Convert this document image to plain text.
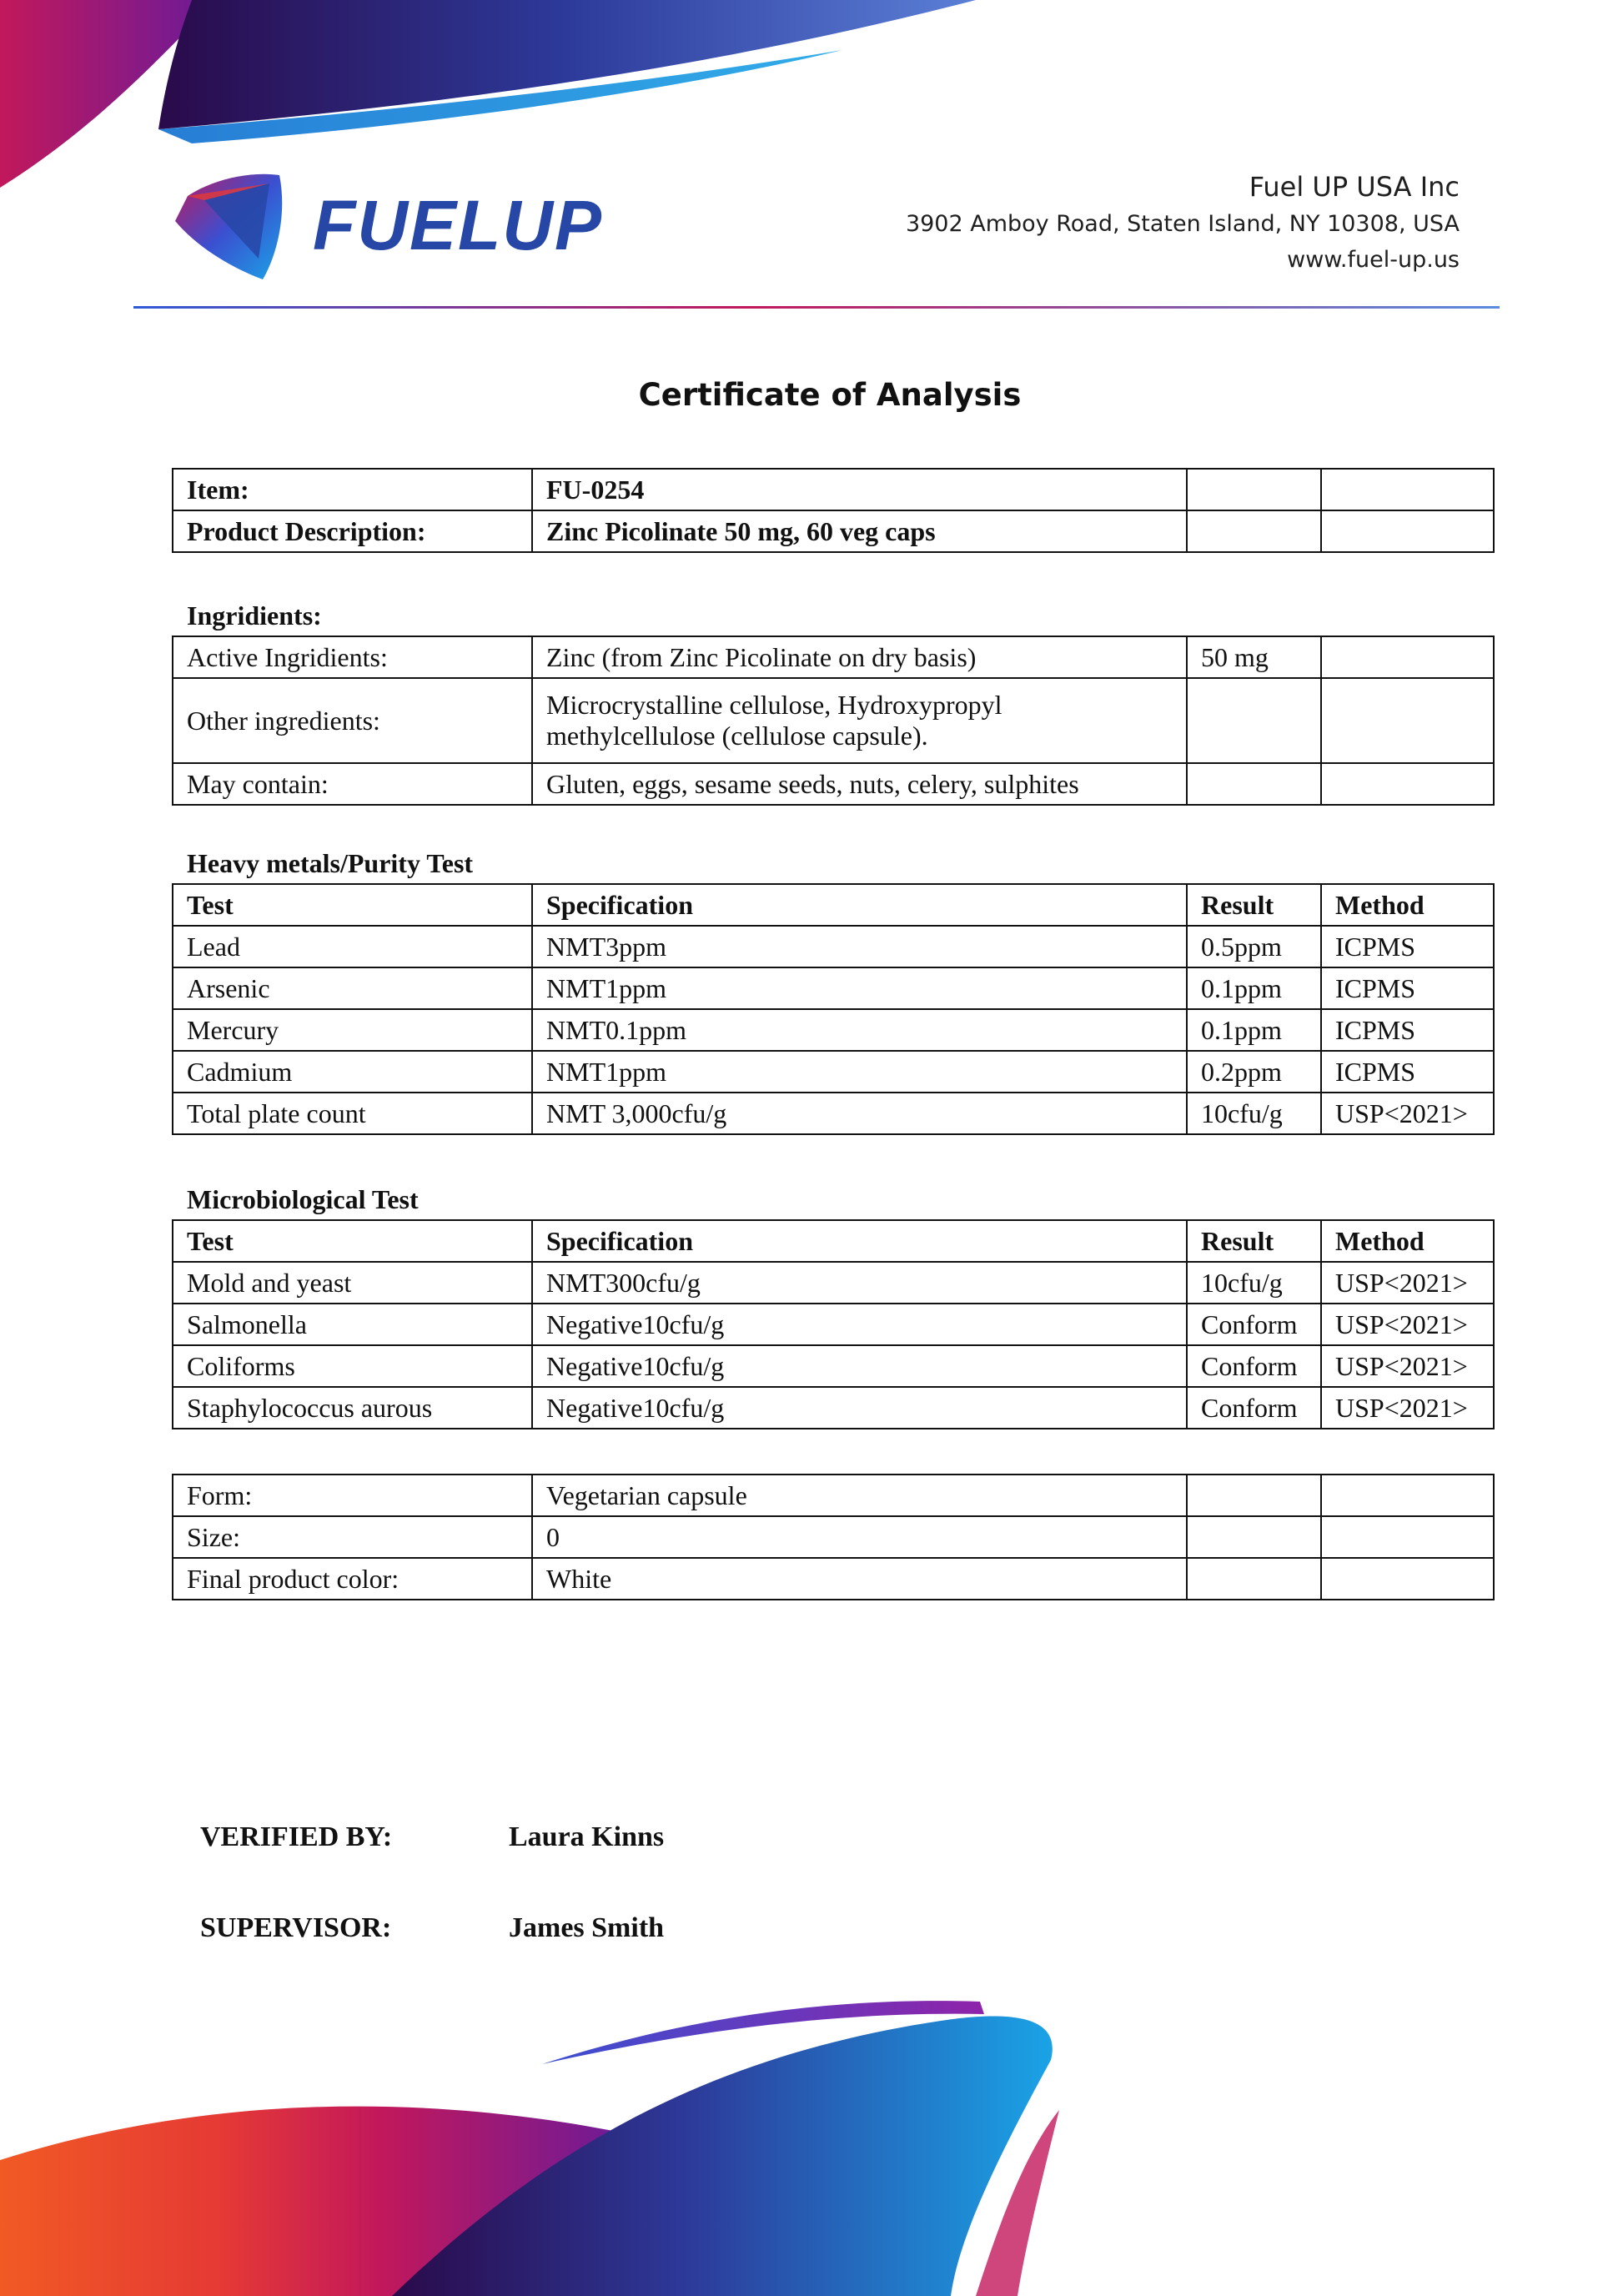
FUELUP	Fuel UP USA Inc
3902 Amboy Road, Staten Island, NY 10308, USA
www.fuel-up.us
Certificate of Analysis
Item:	FU-0254		
Product Description:	Zinc Picolinate 50 mg, 60 veg caps		
Ingridients:
Active Ingridients:	Zinc (from Zinc Picolinate on dry basis)	50 mg	
Other ingredients:	Microcrystalline cellulose, Hydroxypropyl
methylcellulose (cellulose capsule).		

May contain:	Gluten, eggs, sesame seeds, nuts, celery, sulphites		
Heavy metals/Purity Test
Test	Specification	Result	Method
Lead	NMT3ppm	0.5ppm	ICPMS
Arsenic	NMT1ppm	0.1ppm	ICPMS
Mercury	NMT0.1ppm	0.1ppm	ICPMS
Cadmium	NMT1ppm	0.2ppm	ICPMS
Total plate count	NMT 3,000cfu/g	10cfu/g	USP<2021>
Microbiological Test
Test	Specification	Result	Method
Mold and yeast	NMT300cfu/g	10cfu/g	USP<2021>
Salmonella	Negative10cfu/g	Conform	USP<2021>
Coliforms	Negative10cfu/g	Conform	USP<2021>
Staphylococcus aurous	Negative10cfu/g	Conform	USP<2021>
Form:	Vegetarian capsule		
Size:	0		
Final product color:	White		
VERIFIED BY:	Laura Kinns
SUPERVISOR:	James Smith
